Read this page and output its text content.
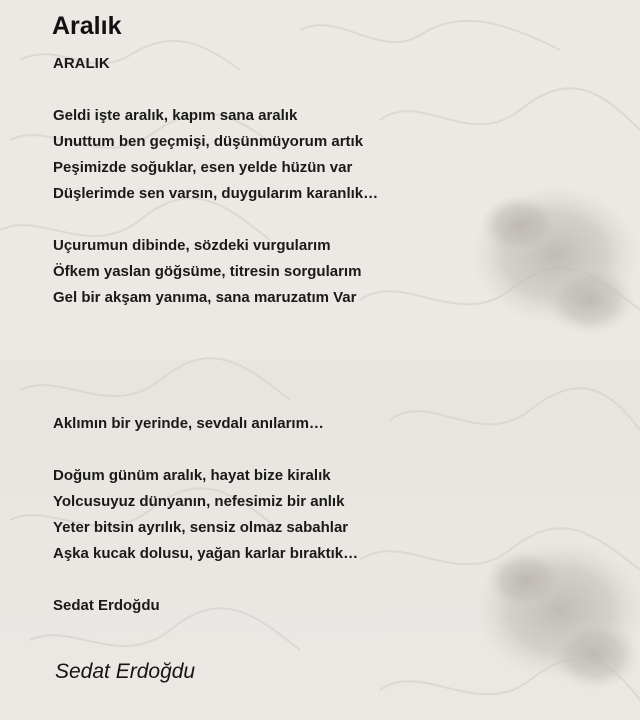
Aralık
ARALIK
Geldi işte aralık, kapım sana aralık
Unuttum ben geçmişi, düşünmüyorum artık
Peşimizde soğuklar, esen yelde hüzün var
Düşlerimde sen varsın, duygularım karanlık…
Uçurumun dibinde, sözdeki vurgularım
Öfkem yaslan göğsüme, titresin sorgularım
Gel bir akşam yanıma, sana maruzatım Var
Aklımın bir yerinde, sevdalı anılarım…
Doğum günüm aralık, hayat bize kiralık
Yolcusuyuz dünyanın, nefesimiz bir anlık
Yeter bitsin ayrılık, sensiz olmaz sabahlar
Aşka kucak dolusu, yağan karlar bıraktık…
Sedat Erdoğdu
Sedat Erdoğdu
